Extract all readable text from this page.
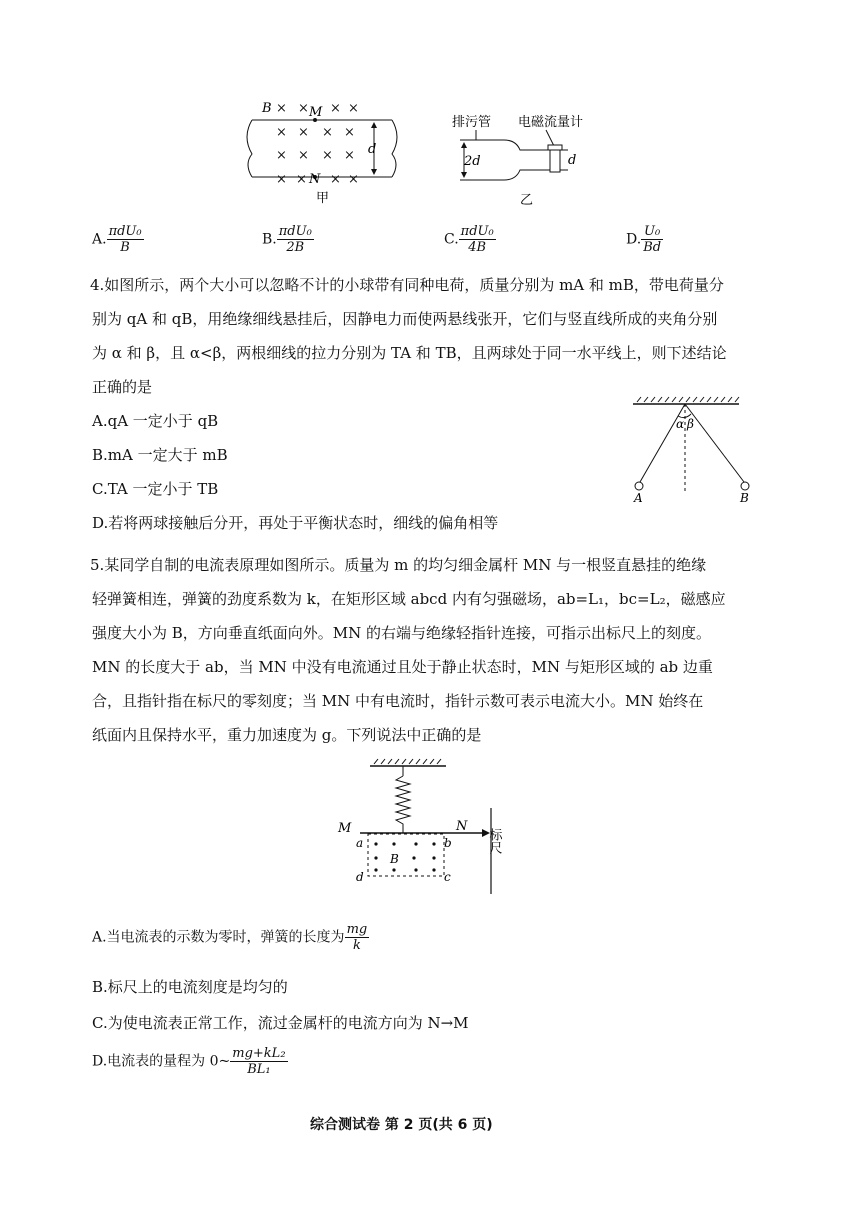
× × × ×
× × × ×
× × × ×
× × × ×
B	M
N
d
甲
排污管 电磁流量计
2d	d
乙
A. $\frac{\text{πdU₀}}{B}$	B. $\frac{\text{πdU₀}}{2B}$	C. $\frac{\text{πdU₀}}{4B}$	D. $\frac{\text{U₀}}{Bd}$
4.如图所示，两个大小可以忽略不计的小球带有同种电荷，质量分别为 mA 和 mB，带电荷量分
别为 qA 和 qB，用绝缘细线悬挂后，因静电力而使两悬线张开，它们与竖直线所成的夹角分别
为 α 和 β，且 α<β，两根细线的拉力分别为 TA 和 TB，且两球处于同一水平线上，则下述结论
正确的是
A.qA 一定小于 qB
B.mA 一定大于 mB
C.TA 一定小于 TB
D.若将两球接触后分开，再处于平衡状态时，细线的偏角相等
α β
A	B
5.某同学自制的电流表原理如图所示。质量为 m 的均匀细金属杆 MN 与一根竖直悬挂的绝缘
轻弹簧相连，弹簧的劲度系数为 k，在矩形区域 abcd 内有匀强磁场，ab=L₁，bc=L₂，磁感应
强度大小为 B，方向垂直纸面向外。MN 的右端与绝缘轻指针连接，可指示出标尺上的刻度。
MN 的长度大于 ab，当 MN 中没有电流通过且处于静止状态时，MN 与矩形区域的 ab 边重
合，且指针指在标尺的零刻度；当 MN 中有电流时，指针示数可表示电流大小。MN 始终在
纸面内且保持水平，重力加速度为 g。下列说法中正确的是
M	N
a	b
d	c
B
标尺
A.当电流表的示数为零时，弹簧的长度为 $\frac{mg}{k}$
B.标尺上的电流刻度是均匀的
C.为使电流表正常工作，流过金属杆的电流方向为 N→M
D.电流表的量程为 0~ $\frac{\text{mg+kL₂}}{\text{BL₁}}$
综合测试卷 第 2 页(共 6 页)
